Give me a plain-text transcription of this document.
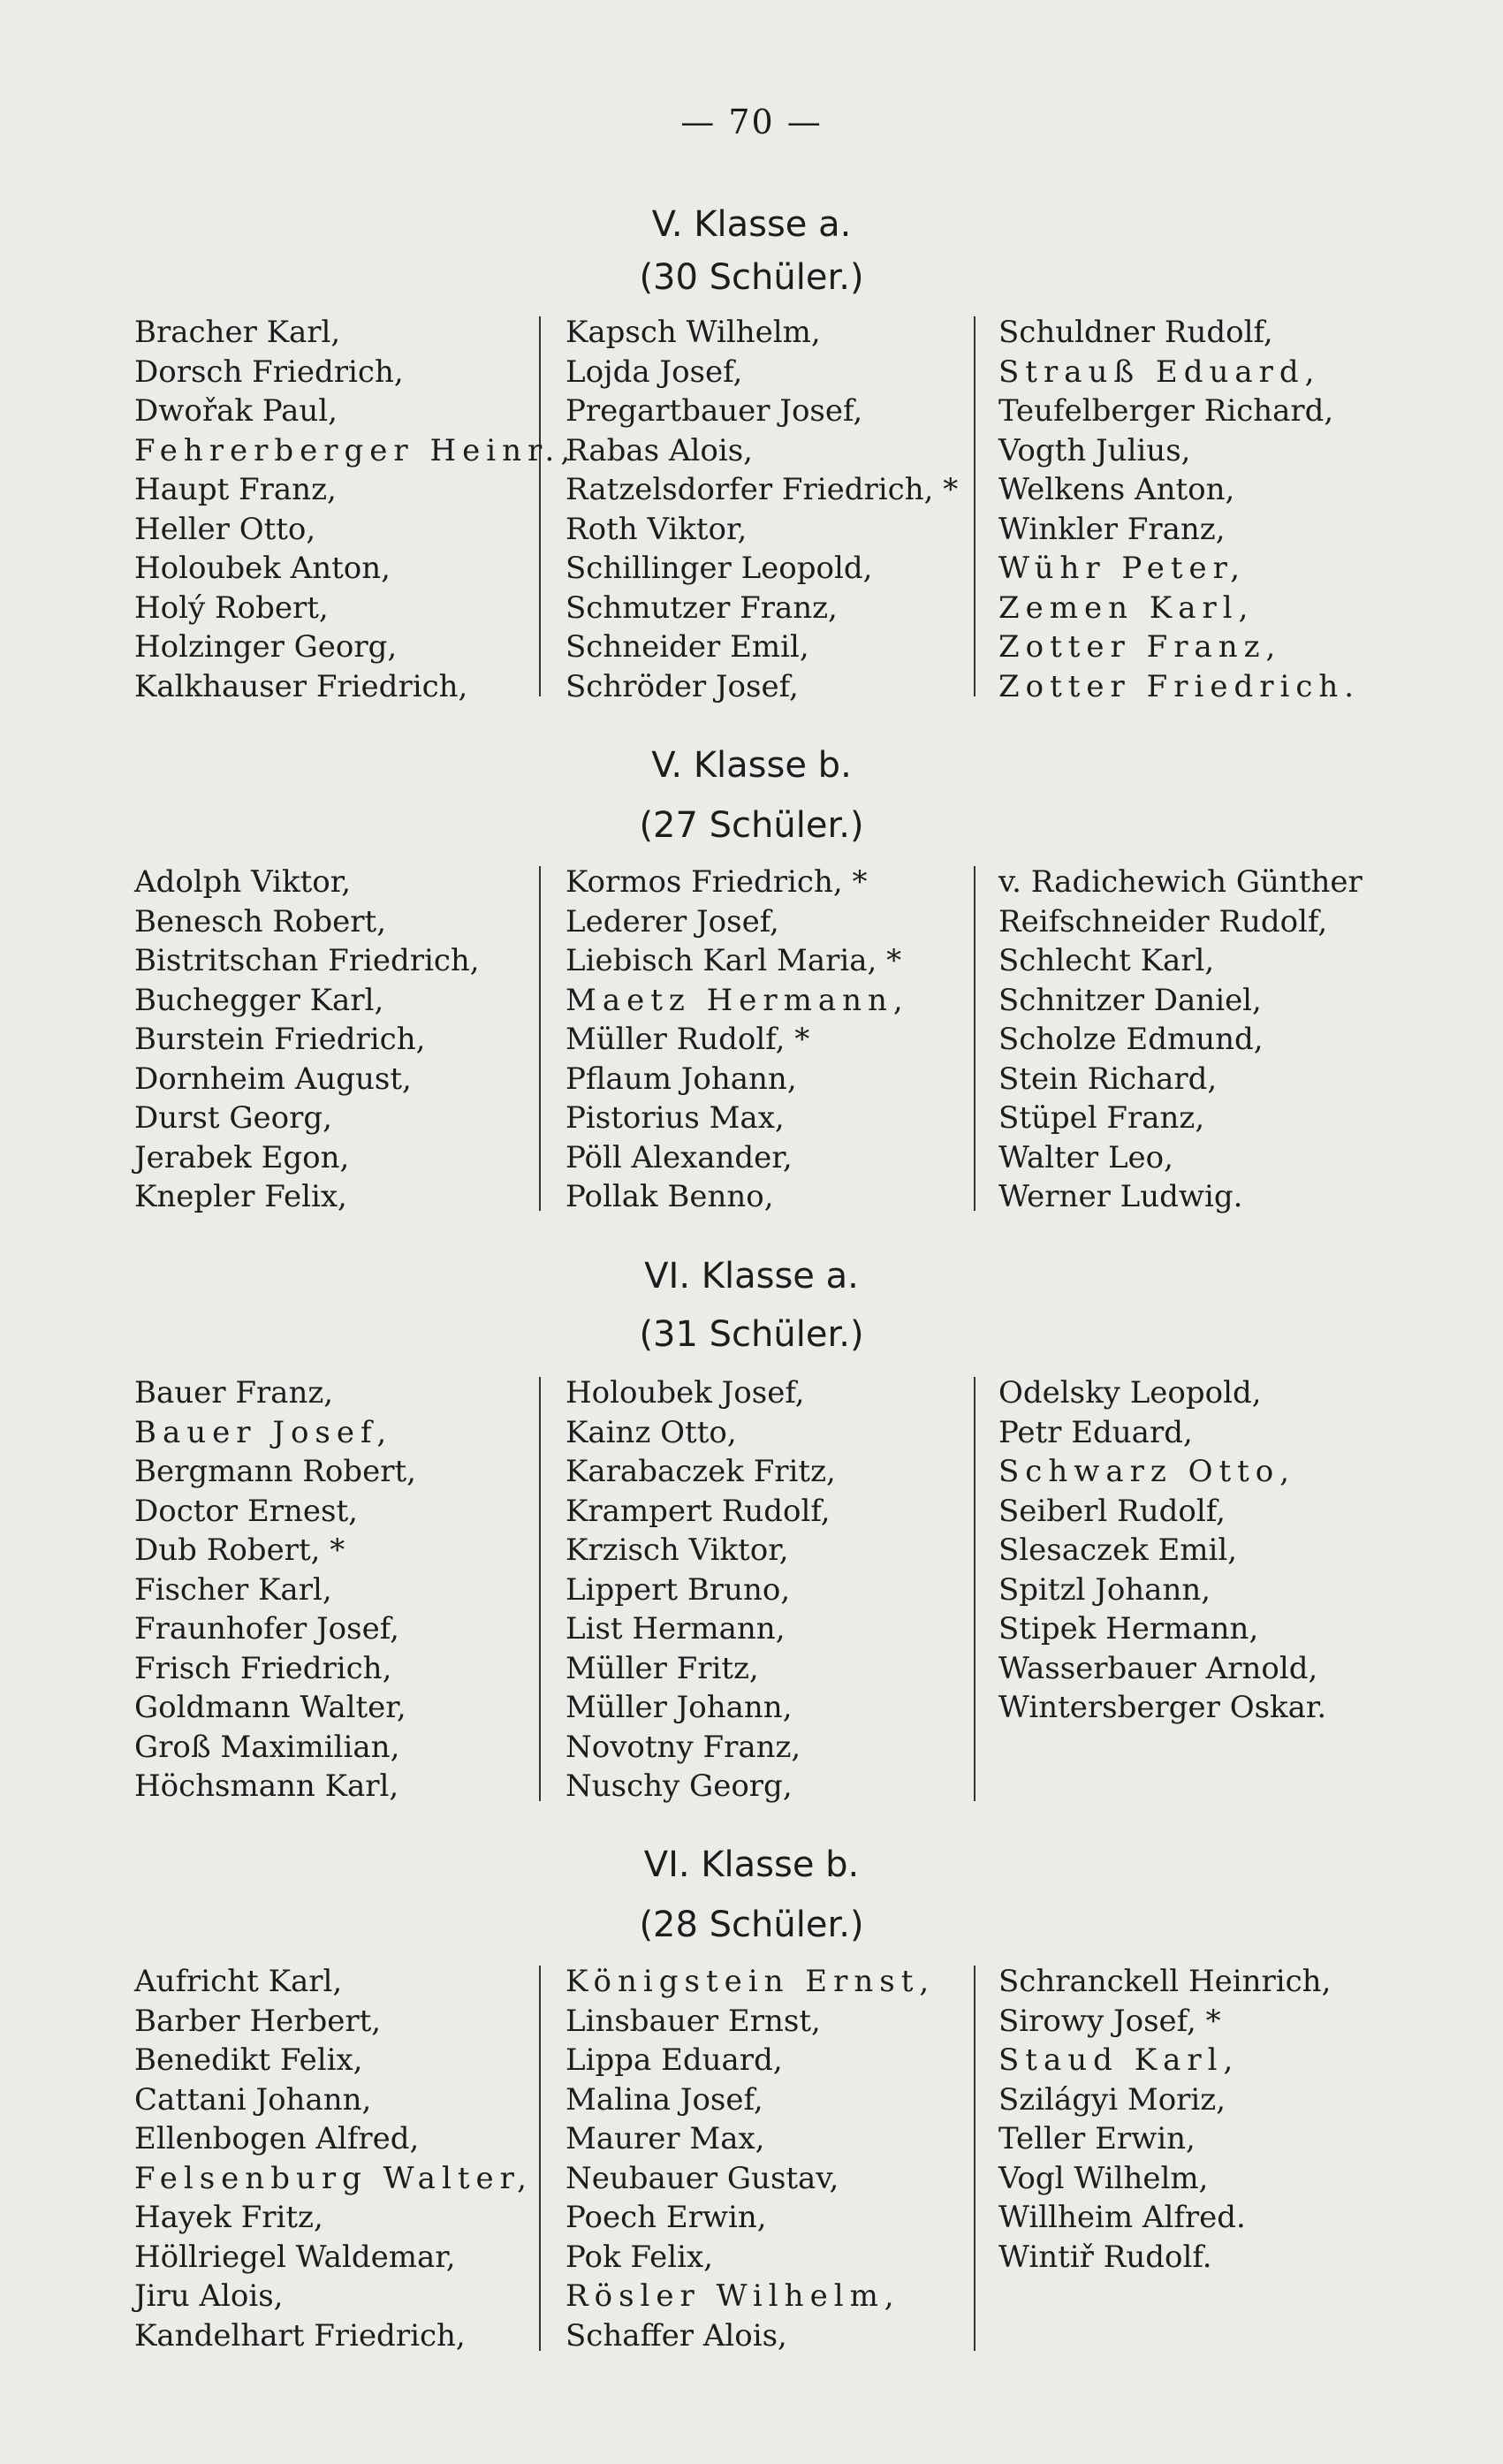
— 70 —
V. Klasse a.
(30 Schüler.)
Bracher Karl,
Dorsch Friedrich,
Dwořak Paul,
Fehrerberger Heinr.,
Haupt Franz,
Heller Otto,
Holoubek Anton,
Holý Robert,
Holzinger Georg,
Kalkhauser Friedrich,
Kapsch Wilhelm,
Lojda Josef,
Pregartbauer Josef,
Rabas Alois,
Ratzelsdorfer Friedrich, *
Roth Viktor,
Schillinger Leopold,
Schmutzer Franz,
Schneider Emil,
Schröder Josef,
Schuldner Rudolf,
Strauß Eduard,
Teufelberger Richard,
Vogth Julius,
Welkens Anton,
Winkler Franz,
Wühr Peter,
Zemen Karl,
Zotter Franz,
Zotter Friedrich.
V. Klasse b.
(27 Schüler.)
Adolph Viktor,
Benesch Robert,
Bistritschan Friedrich,
Buchegger Karl,
Burstein Friedrich,
Dornheim August,
Durst Georg,
Jerabek Egon,
Knepler Felix,
Kormos Friedrich, *
Lederer Josef,
Liebisch Karl Maria, *
Maetz Hermann,
Müller Rudolf, *
Pflaum Johann,
Pistorius Max,
Pöll Alexander,
Pollak Benno,
v. Radichewich Günther
Reifschneider Rudolf,
Schlecht Karl,
Schnitzer Daniel,
Scholze Edmund,
Stein Richard,
Stüpel Franz,
Walter Leo,
Werner Ludwig.
VI. Klasse a.
(31 Schüler.)
Bauer Franz,
Bauer Josef,
Bergmann Robert,
Doctor Ernest,
Dub Robert, *
Fischer Karl,
Fraunhofer Josef,
Frisch Friedrich,
Goldmann Walter,
Groß Maximilian,
Höchsmann Karl,
Holoubek Josef,
Kainz Otto,
Karabaczek Fritz,
Krampert Rudolf,
Krzisch Viktor,
Lippert Bruno,
List Hermann,
Müller Fritz,
Müller Johann,
Novotny Franz,
Nuschy Georg,
Odelsky Leopold,
Petr Eduard,
Schwarz Otto,
Seiberl Rudolf,
Slesaczek Emil,
Spitzl Johann,
Stipek Hermann,
Wasserbauer Arnold,
Wintersberger Oskar.
VI. Klasse b.
(28 Schüler.)
Aufricht Karl,
Barber Herbert,
Benedikt Felix,
Cattani Johann,
Ellenbogen Alfred,
Felsenburg Walter,
Hayek Fritz,
Höllriegel Waldemar,
Jiru Alois,
Kandelhart Friedrich,
Königstein Ernst,
Linsbauer Ernst,
Lippa Eduard,
Malina Josef,
Maurer Max,
Neubauer Gustav,
Poech Erwin,
Pok Felix,
Rösler Wilhelm,
Schaffer Alois,
Schranckell Heinrich,
Sirowy Josef, *
Staud Karl,
Szilágyi Moriz,
Teller Erwin,
Vogl Wilhelm,
Willheim Alfred.
Wintiř Rudolf.
